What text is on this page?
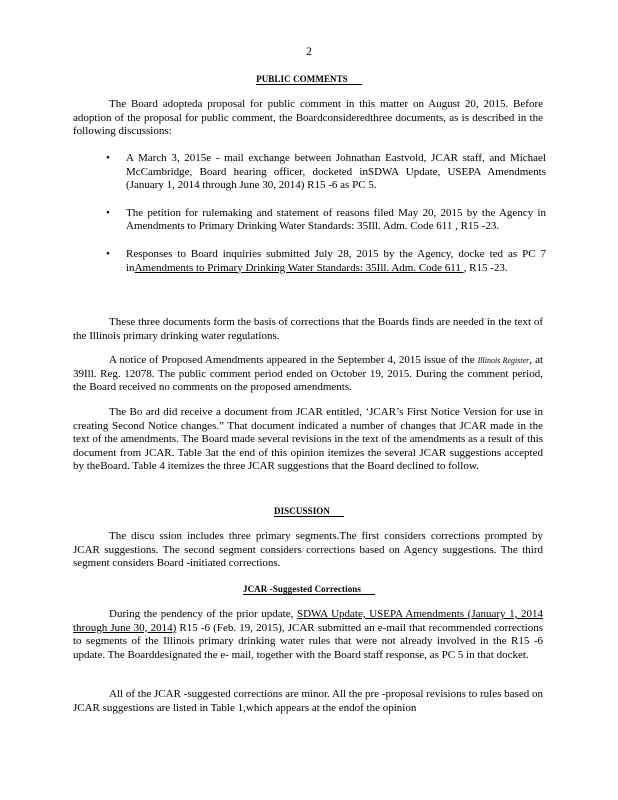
2
PUBLIC COMMENTS

The Board adopteda proposal for public comment in this matter on August 20, 2015. Before adoption of the proposal for public comment, the Boardconsideredthree documents, as is described in the following discussions:

• A March 3, 2015e - mail exchange between Johnathan Eastvold, JCAR staff, and Michael McCambridge, Board hearing officer, docketed inSDWA Update, USEPA Amendments (January 1, 2014 through June 30, 2014) R15 -6 as PC 5.
• The petition for rulemaking and statement of reasons filed May 20, 2015 by the Agency in Amendments to Primary Drinking Water Standards: 35Ill. Adm. Code 611 , R15 -23.
• Responses to Board inquiries submitted July 28, 2015 by the Agency, docke ted as PC 7 inAmendments to Primary Drinking Water Standards: 35Ill. Adm. Code 611 , R15 -23.

These three documents form the basis of corrections that the Boards finds are needed in the text of the Illinois primary drinking water regulations.

A notice of Proposed Amendments appeared in the September 4, 2015 issue of the Illinois Register, at 39Ill. Reg. 12078. The public comment period ended on October 19, 2015. During the comment period, the Board received no comments on the proposed amendments.

The Bo ard did receive a document from JCAR entitled, ‘JCAR’s First Notice Version for use in creating Second Notice changes.” That document indicated a number of changes that JCAR made in the text of the amendments. The Board made several revisions in the text of the amendments as a result of this document from JCAR. Table 3at the end of this opinion itemizes the several JCAR suggestions accepted by theBoard. Table 4 itemizes the three JCAR suggestions that the Board declined to follow.

DISCUSSION

The discu ssion includes three primary segments.The first considers corrections prompted by JCAR suggestions. The second segment considers corrections based on Agency suggestions. The third segment considers Board -initiated corrections.

JCAR -Suggested Corrections

During the pendency of the prior update, SDWA Update, USEPA Amendments (January 1, 2014 through June 30, 2014) R15 -6 (Feb. 19, 2015), JCAR submitted an e-mail that recommended corrections to segments of the Illinois primary drinking water rules that were not already involved in the R15 -6 update. The Boarddesignated the e- mail, together with the Board staff response, as PC 5 in that docket.

All of the JCAR -suggested corrections are minor. All the pre -proposal revisions to rules based on JCAR suggestions are listed in Table 1,which appears at the endof the opinion
